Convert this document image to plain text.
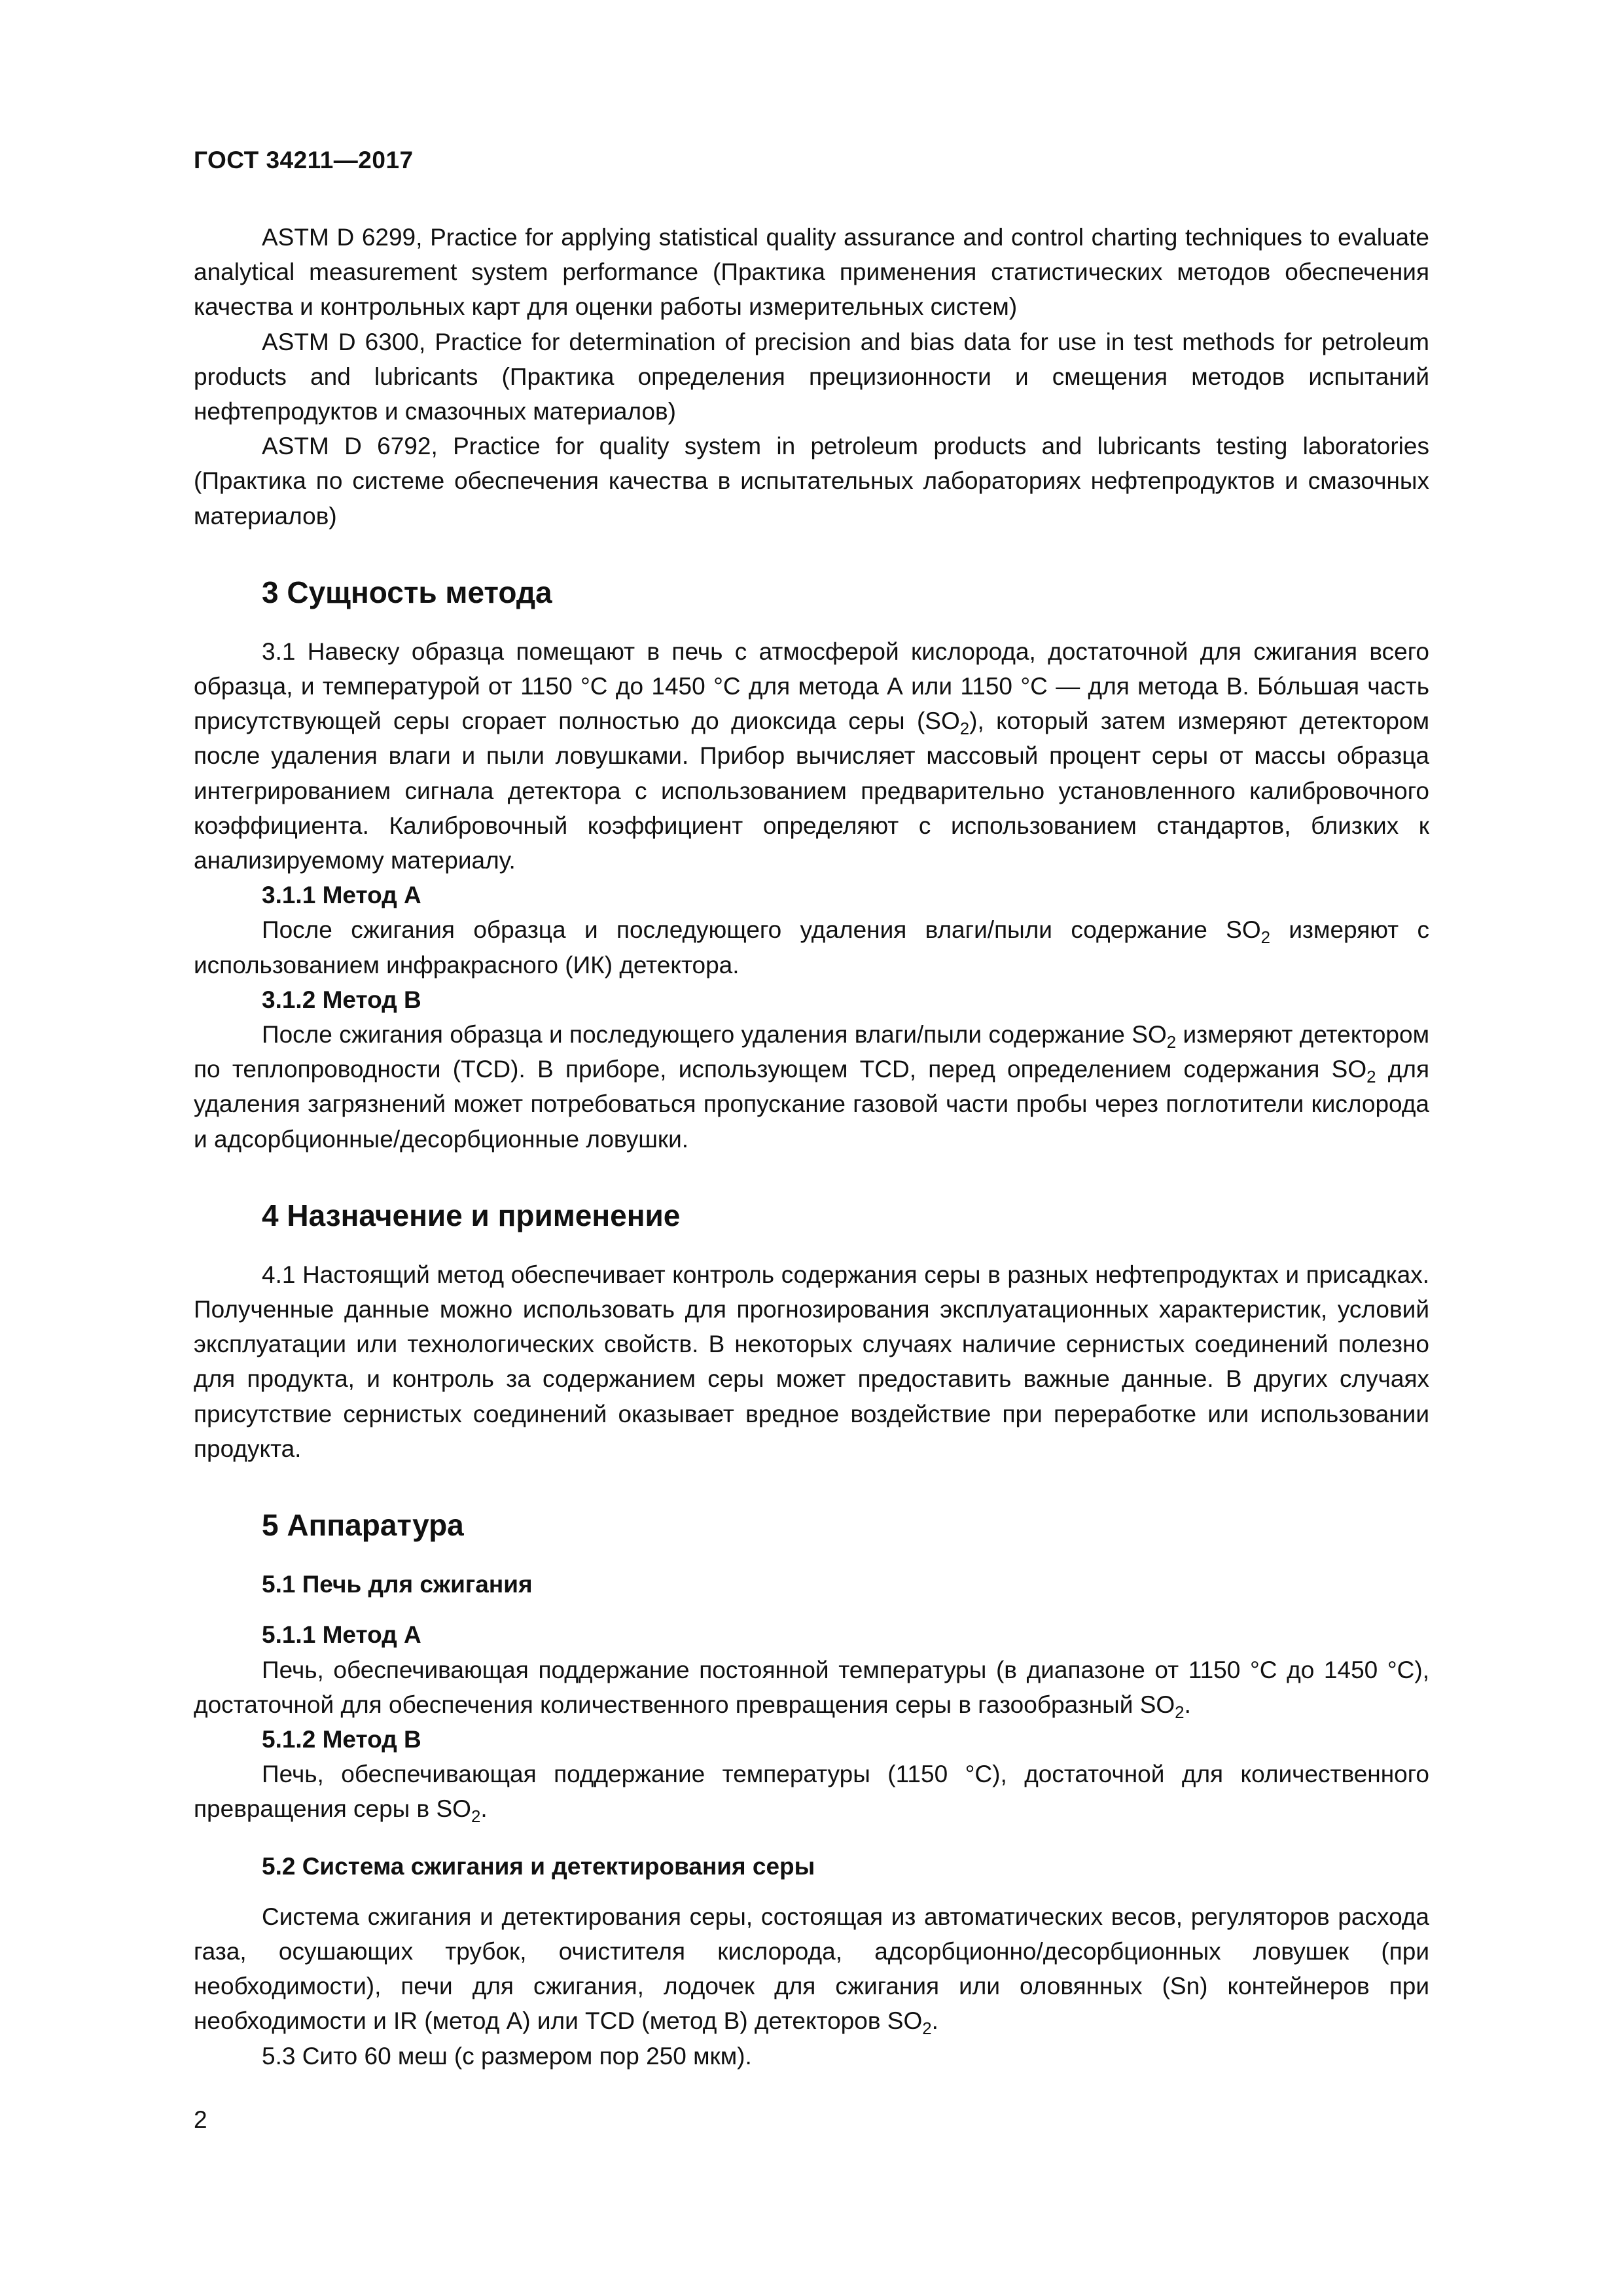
ГОСТ 34211—2017

ASTM D 6299, Practice for applying statistical quality assurance and control charting techniques to evaluate analytical measurement system performance (Практика применения статистических методов обеспечения качества и контрольных карт для оценки работы измерительных систем)

ASTM D 6300, Practice for determination of precision and bias data for use in test methods for petroleum products and lubricants (Практика определения прецизионности и смещения методов испытаний нефтепродуктов и смазочных материалов)

ASTM D 6792, Practice for quality system in petroleum products and lubricants testing laboratories (Практика по системе обеспечения качества в испытательных лабораториях нефтепродуктов и смазочных материалов)

3 Сущность метода

3.1 Навеску образца помещают в печь с атмосферой кислорода, достаточной для сжигания всего образца, и температурой от 1150 °С до 1450 °С для метода А или 1150 °С — для метода В. Бóльшая часть присутствующей серы сгорает полностью до диоксида серы $(SO_2)$, который затем измеряют детектором после удаления влаги и пыли ловушками. Прибор вычисляет массовый процент серы от массы образца интегрированием сигнала детектора с использованием предварительно установленного калибровочного коэффициента. Калибровочный коэффициент определяют с использованием стандартов, близких к анализируемому материалу.

3.1.1 Метод А

После сжигания образца и последующего удаления влаги/пыли содержание $SO_2$ измеряют с использованием инфракрасного (ИК) детектора.

3.1.2 Метод В

После сжигания образца и последующего удаления влаги/пыли содержание $SO_2$ измеряют детектором по теплопроводности (TCD). В приборе, использующем TCD, перед определением содержания $SO_2$ для удаления загрязнений может потребоваться пропускание газовой части пробы через поглотители кислорода и адсорбционные/десорбционные ловушки.

4 Назначение и применение

4.1 Настоящий метод обеспечивает контроль содержания серы в разных нефтепродуктах и присадках. Полученные данные можно использовать для прогнозирования эксплуатационных характеристик, условий эксплуатации или технологических свойств. В некоторых случаях наличие сернистых соединений полезно для продукта, и контроль за содержанием серы может предоставить важные данные. В других случаях присутствие сернистых соединений оказывает вредное воздействие при переработке или использовании продукта.

5 Аппаратура
5.1 Печь для сжигания
5.1.1 Метод А

Печь, обеспечивающая поддержание постоянной температуры (в диапазоне от 1150 °С до 1450 °С), достаточной для обеспечения количественного превращения серы в газообразный $SO_2$.

5.1.2 Метод В

Печь, обеспечивающая поддержание температуры (1150 °С), достаточной для количественного превращения серы в $SO_2$.

5.2 Система сжигания и детектирования серы

Система сжигания и детектирования серы, состоящая из автоматических весов, регуляторов расхода газа, осушающих трубок, очистителя кислорода, адсорбционно/десорбционных ловушек (при необходимости), печи для сжигания, лодочек для сжигания или оловянных (Sn) контейнеров при необходимости и IR (метод А) или TCD (метод В) детекторов $SO_2$.

5.3 Сито 60 меш (с размером пор 250 мкм).

2
